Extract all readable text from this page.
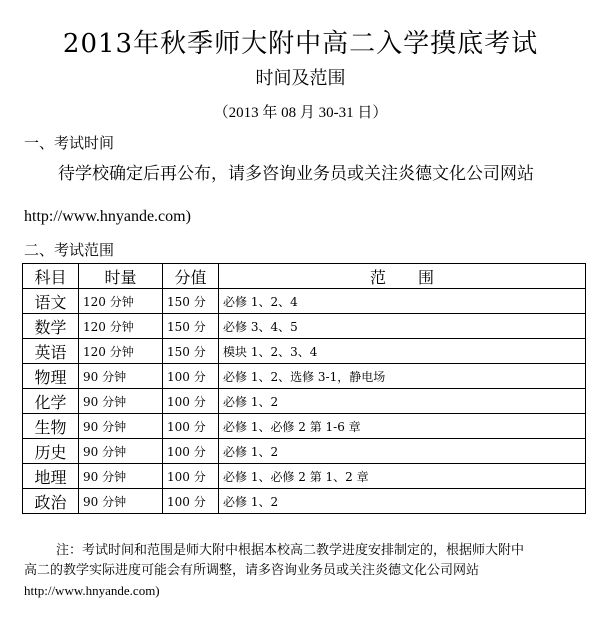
2013年秋季师大附中高二入学摸底考试
时间及范围
（2013 年 08 月 30-31 日）
一、考试时间
待学校确定后再公布，请多咨询业务员或关注炎德文化公司网站
http://www.hnyande.com)
二、考试范围
科目	时量	分值	范　　围
语文	120 分钟	150 分	必修 1、2、4
数学	120 分钟	150 分	必修 3、4、5
英语	120 分钟	150 分	模块 1、2、3、4
物理	90 分钟	100 分	必修 1、2、选修 3-1，静电场
化学	90 分钟	100 分	必修 1、2
生物	90 分钟	100 分	必修 1、必修 2 第 1-6 章
历史	90 分钟	100 分	必修 1、2
地理	90 分钟	100 分	必修 1、必修 2 第 1、2 章
政治	90 分钟	100 分	必修 1、2
注：考试时间和范围是师大附中根据本校高二教学进度安排制定的，根据师大附中
高二的教学实际进度可能会有所调整，请多咨询业务员或关注炎德文化公司网站
http://www.hnyande.com)
